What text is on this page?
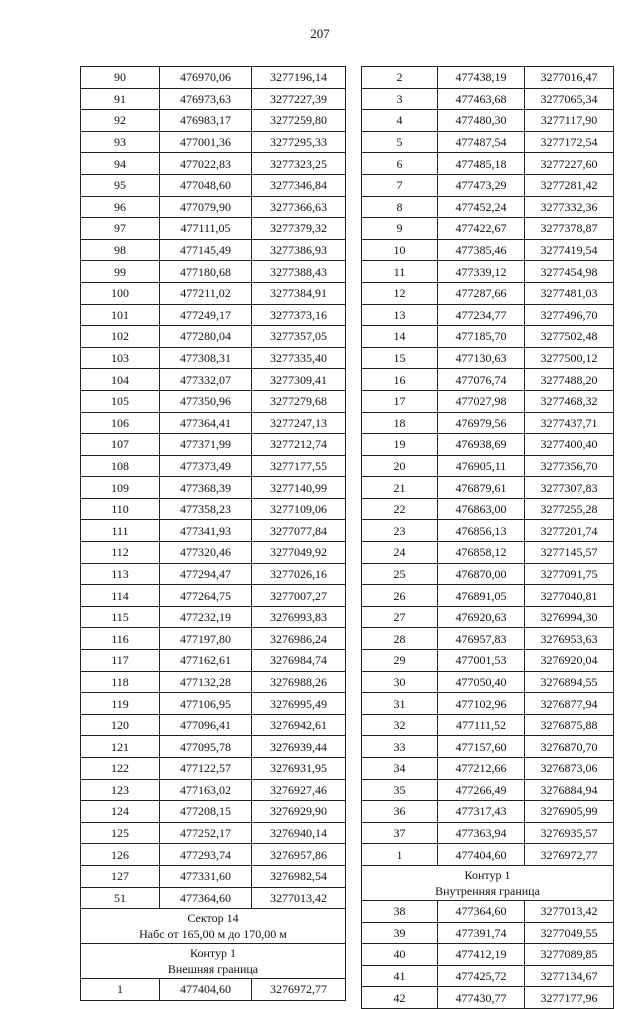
207
90	476970,06	3277196,14
91	476973,63	3277227,39
92	476983,17	3277259,80
93	477001,36	3277295,33
94	477022,83	3277323,25
95	477048,60	3277346,84
96	477079,90	3277366,63
97	477111,05	3277379,32
98	477145,49	3277386,93
99	477180,68	3277388,43
100	477211,02	3277384,91
101	477249,17	3277373,16
102	477280,04	3277357,05
103	477308,31	3277335,40
104	477332,07	3277309,41
105	477350,96	3277279,68
106	477364,41	3277247,13
107	477371,99	3277212,74
108	477373,49	3277177,55
109	477368,39	3277140,99
110	477358,23	3277109,06
111	477341,93	3277077,84
112	477320,46	3277049,92
113	477294,47	3277026,16
114	477264,75	3277007,27
115	477232,19	3276993,83
116	477197,80	3276986,24
117	477162,61	3276984,74
118	477132,28	3276988,26
119	477106,95	3276995,49
120	477096,41	3276942,61
121	477095,78	3276939,44
122	477122,57	3276931,95
123	477163,02	3276927,46
124	477208,15	3276929,90
125	477252,17	3276940,14
126	477293,74	3276957,86
127	477331,60	3276982,54
51	477364,60	3277013,42

Сектор 14
Набс от 165,00 м до 170,00 м		

Контур 1
Внешняя граница		

1	477404,60	3276972,77
2	477438,19	3277016,47
3	477463,68	3277065,34
4	477480,30	3277117,90
5	477487,54	3277172,54
6	477485,18	3277227,60
7	477473,29	3277281,42
8	477452,24	3277332,36
9	477422,67	3277378,87
10	477385,46	3277419,54
11	477339,12	3277454,98
12	477287,66	3277481,03
13	477234,77	3277496,70
14	477185,70	3277502,48
15	477130,63	3277500,12
16	477076,74	3277488,20
17	477027,98	3277468,32
18	476979,56	3277437,71
19	476938,69	3277400,40
20	476905,11	3277356,70
21	476879,61	3277307,83
22	476863,00	3277255,28
23	476856,13	3277201,74
24	476858,12	3277145,57
25	476870,00	3277091,75
26	476891,05	3277040,81
27	476920,63	3276994,30
28	476957,83	3276953,63
29	477001,53	3276920,04
30	477050,40	3276894,55
31	477102,96	3276877,94
32	477111,52	3276875,88
33	477157,60	3276870,70
34	477212,66	3276873,06
35	477266,49	3276884,94
36	477317,43	3276905,99
37	477363,94	3276935,57
1	477404,60	3276972,77

Контур 1
Внутренняя граница		

38	477364,60	3277013,42
39	477391,74	3277049,55
40	477412,19	3277089,85
41	477425,72	3277134,67
42	477430,77	3277177,96
